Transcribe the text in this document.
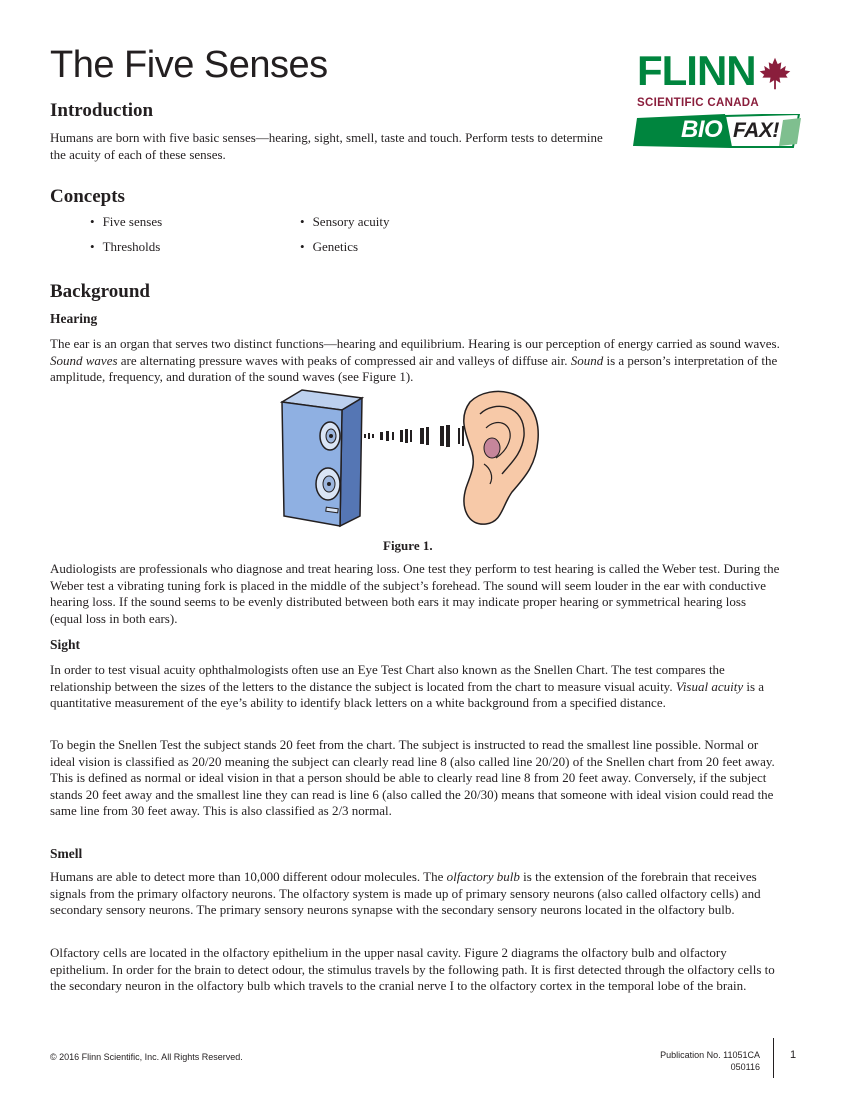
The Five Senses	FLINN
SCIENTIFIC CANADA
BIO FAX!
Introduction

Humans are born with five basic senses—hearing, sight, smell, taste and touch. Perform tests to determine the acuity of each of these senses.

Concepts
• Five senses
• Thresholds
• Sensory acuity
• Genetics
Background
Hearing

The ear is an organ that serves two distinct functions—hearing and equilibrium. Hearing is our perception of energy carried as sound waves. Sound waves are alternating pressure waves with peaks of compressed air and valleys of diffuse air. Sound is a person’s interpretation of the amplitude, frequency, and duration of the sound waves (see Figure 1).

Figure 1.

Audiologists are professionals who diagnose and treat hearing loss. One test they perform to test hearing is called the Weber test. During the Weber test a vibrating tuning fork is placed in the middle of the subject’s forehead. The sound will seem louder in the ear with conductive hearing loss. If the sound seems to be evenly distributed between both ears it may indicate proper hearing or symmetrical hearing loss (equal loss in both ears).

Sight

In order to test visual acuity ophthalmologists often use an Eye Test Chart also known as the Snellen Chart. The test compares the relationship between the sizes of the letters to the distance the subject is located from the chart to measure visual acuity. Visual acuity is a quantitative measurement of the eye’s ability to identify black letters on a white background from a specified distance.

To begin the Snellen Test the subject stands 20 feet from the chart. The subject is instructed to read the smallest line possible. Normal or ideal vision is classified as 20/20 meaning the subject can clearly read line 8 (also called line 20/20) of the Snellen chart from 20 feet away. This is defined as normal or ideal vision in that a person should be able to clearly read line 8 from 20 feet away. Conversely, if the subject stands 20 feet away and the smallest line they can read is line 6 (also called the 20/30) means that someone with ideal vision could read the same line from 30 feet away. This is also classified as 2/3 normal.

Smell

Humans are able to detect more than 10,000 different odour molecules. The olfactory bulb is the extension of the forebrain that receives signals from the primary olfactory neurons. The olfactory system is made up of primary sensory neurons (also called olfactory cells) and secondary sensory neurons. The primary sensory neurons synapse with the secondary sensory neurons located in the olfactory bulb.

Olfactory cells are located in the olfactory epithelium in the upper nasal cavity. Figure 2 diagrams the olfactory bulb and olfactory epithelium. In order for the brain to detect odour, the stimulus travels by the following path. It is first detected through the olfactory cells to the secondary neuron in the olfactory bulb which travels to the cranial nerve I to the olfactory cortex in the temporal lobe of the brain.

© 2016 Flinn Scientific, Inc. All Rights Reserved.	Publication No. 11051CA
050116
1
